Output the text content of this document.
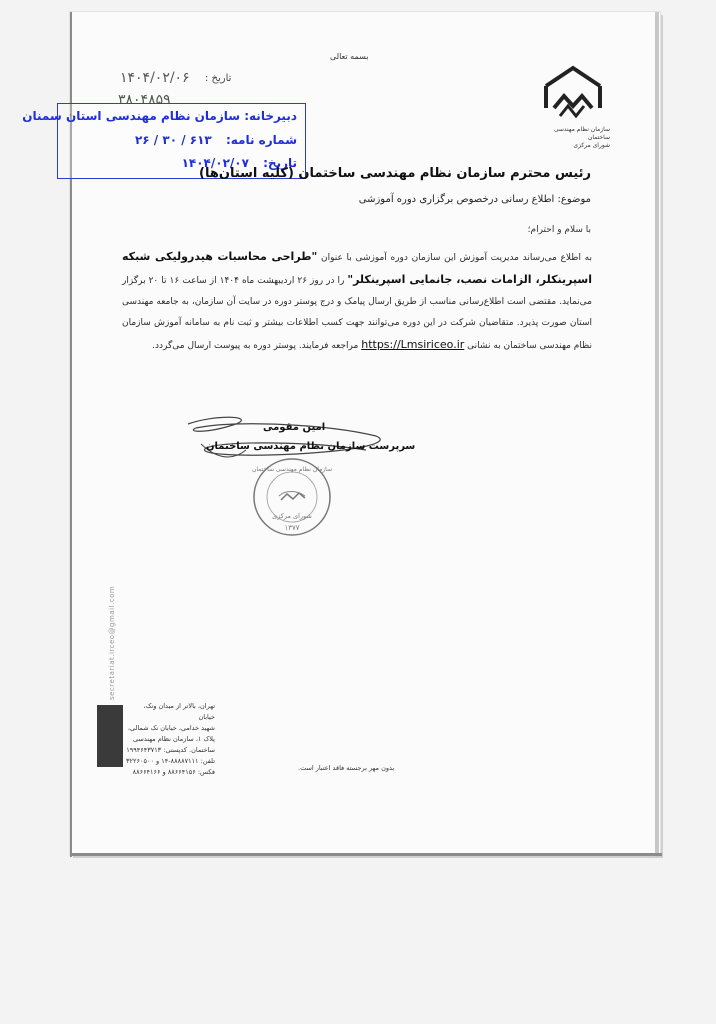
بسمه تعالی
تاریخ :
۱۴۰۴/۰۲/۰۶
۳۸۰۴۸۵۹
دبیرخانه: سازمان نظام مهندسی استان سمنان
شماره نامه: ۶۱۳ / ۳۰ / ۲۶
تاریخ: ۱۴۰۴/۰۲/۰۷
سازمان نظام مهندسی ساختمان
شورای مرکزی
رئیس محترم سازمان نظام مهندسی ساختمان (کلیه استان‌ها)
موضوع: اطلاع رسانی درخصوص برگزاری دوره آموزشی
با سلام و احترام؛
به اطلاع می‌رساند مدیریت آموزش این سازمان دوره آموزشی با عنوان "طراحی محاسبات هیدرولیکی شبکه اسپرینکلر، الزامات نصب، جانمایی اسپرینکلر" را در روز ۲۶ اردیبهشت ماه ۱۴۰۴ از ساعت ۱۶ تا ۲۰ برگزار می‌نماید. مقتضی است اطلاع‌رسانی مناسب از طریق ارسال پیامک و درج پوستر دوره در سایت آن سازمان، به جامعه مهندسی استان صورت پذیرد. متقاضیان شرکت در این دوره می‌توانند جهت کسب اطلاعات بیشتر و ثبت نام به سامانه آموزش سازمان نظام مهندسی ساختمان به نشانی https://Lmsiriceo.ir مراجعه فرمایند. پوستر دوره به پیوست ارسال می‌گردد.
امین مقومی
سرپرست سازمان نظام مهندسی ساختمان
سازمان نظام مهندسی ساختمان
شورای مرکزی
۱۳۷۷
secretariat.irceo@gmail.com
تهران، بالاتر از میدان ونک، خیابان
شهید خدامی، خیابان نک شمالی،
پلاک ۱، سازمان نظام مهندسی
ساختمان. کدپستی: ۱۹۹۴۶۴۳۷۱۳
تلفن: ۸۸۸۸۷۱۱۱-۱۴ و ۳۲۲۶۰۵۰۰
فکس: ۸۸۶۶۴۱۵۶ و ۸۸۶۶۴۱۶۶	بدون مهر برجسته فاقد اعتبار است.
